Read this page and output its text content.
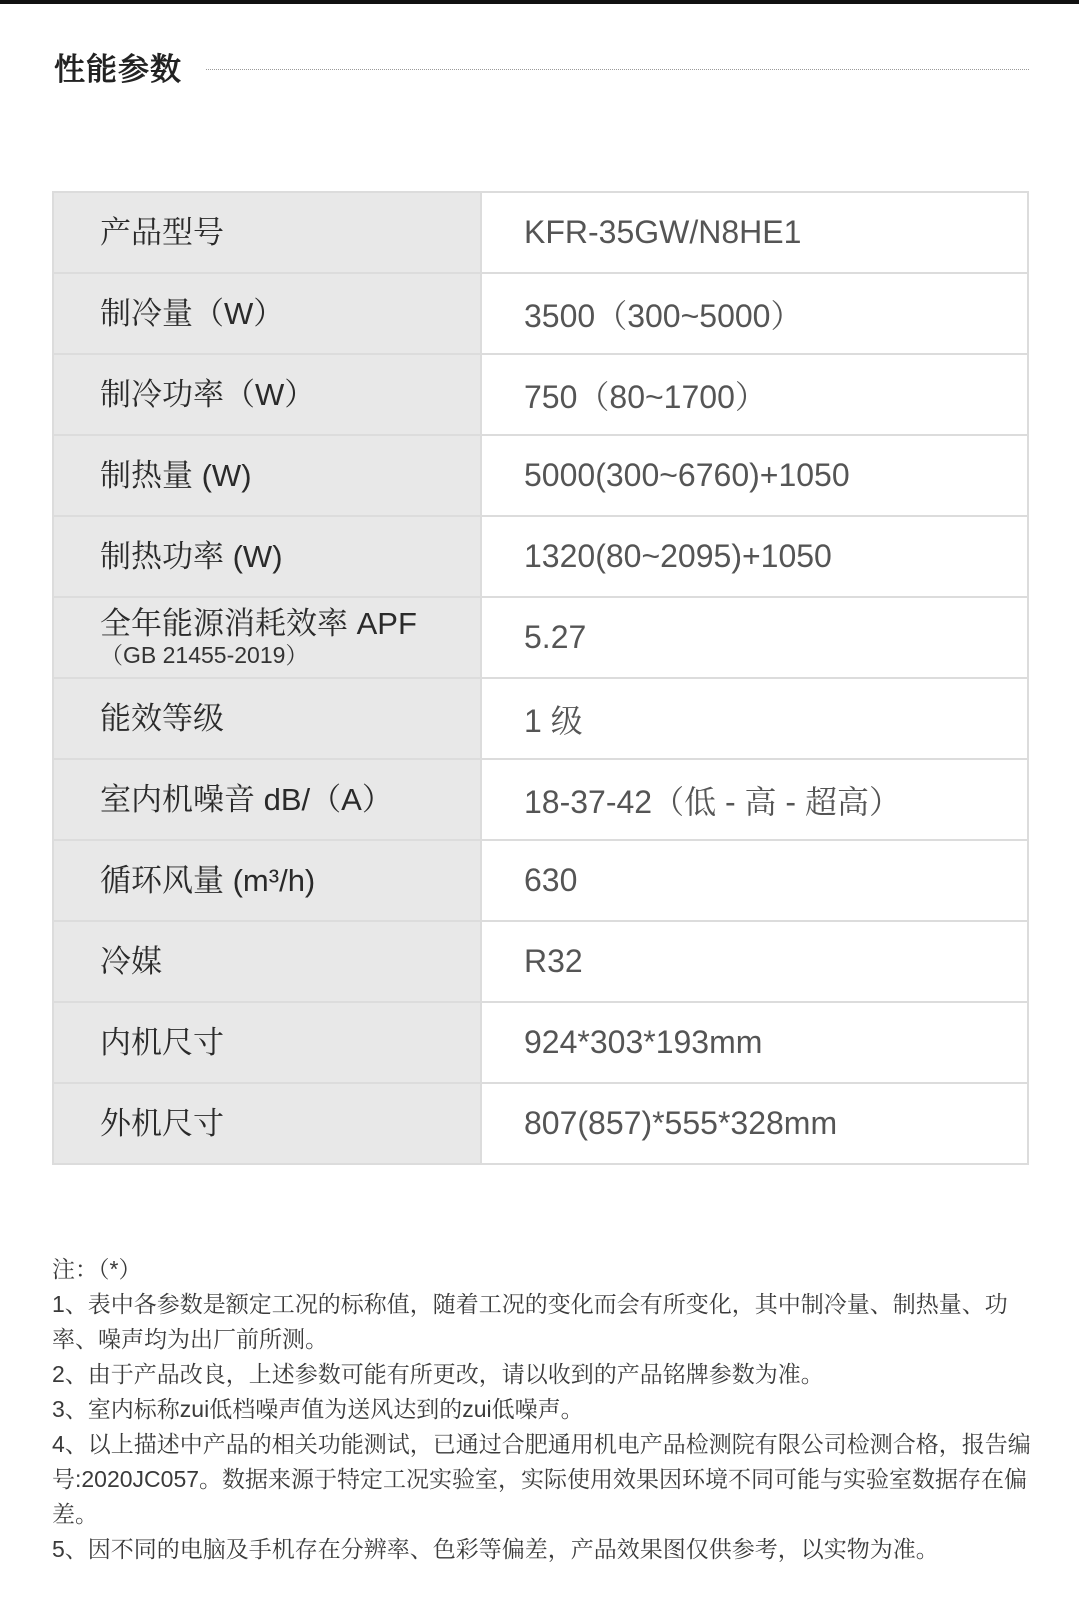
性能参数
产品型号	KFR-35GW/N8HE1

制冷量（W）	3500（300~5000）

制冷功率（W）	750（80~1700）

制热量 (W)	5000(300~6760)+1050

制热功率 (W)	1320(80~2095)+1050

全年能源消耗效率 APF
（GB 21455-2019）	5.27

能效等级	1 级

室内机噪音 dB/（A）	18-37-42（低 - 高 - 超高）

循环风量 (m³/h)	630

冷媒	R32

内机尺寸	924*303*193mm

外机尺寸	807(857)*555*328mm

注：（*）

1、表中各参数是额定工况的标称值，随着工况的变化而会有所变化，其中制冷量、制热量、功率、噪声均为出厂前所测。

2、由于产品改良，上述参数可能有所更改，请以收到的产品铭牌参数为准。

3、室内标称zui低档噪声值为送风达到的zui低噪声。

4、以上描述中产品的相关功能测试，已通过合肥通用机电产品检测院有限公司检测合格，报告编号:2020JC057。数据来源于特定工况实验室，实际使用效果因环境不同可能与实验室数据存在偏差。

5、因不同的电脑及手机存在分辨率、色彩等偏差，产品效果图仅供参考，以实物为准。
